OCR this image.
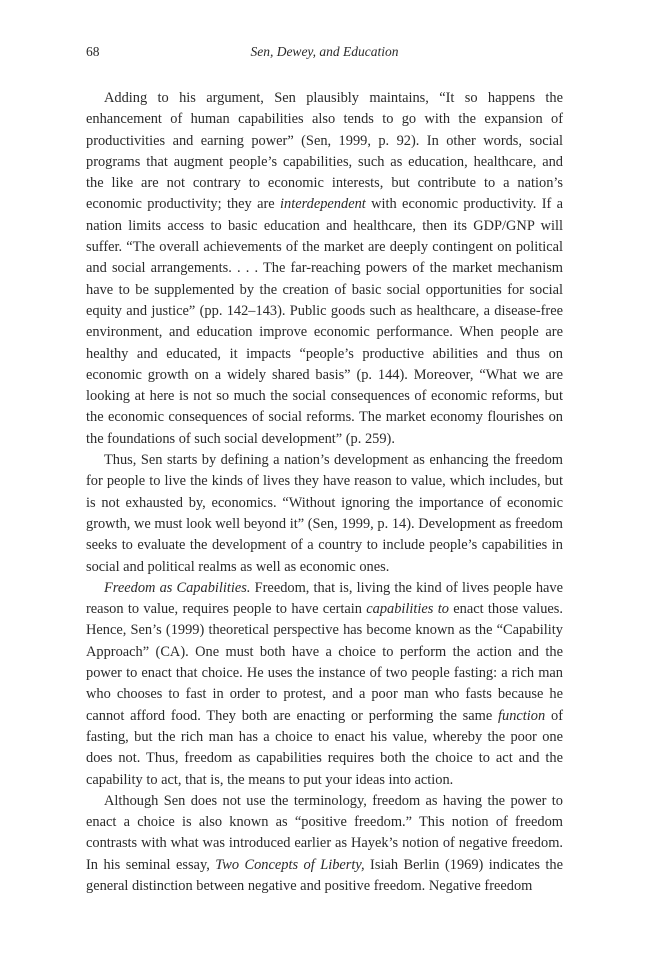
68	Sen, Dewey, and Education

Adding to his argument, Sen plausibly maintains, “It so happens the enhancement of human capabilities also tends to go with the expansion of productivities and earning power” (Sen, 1999, p. 92). In other words, social programs that augment people’s capabilities, such as education, healthcare, and the like are not contrary to economic interests, but contribute to a nation’s economic productivity; they are interdependent with economic productivity. If a nation limits access to basic education and healthcare, then its GDP/GNP will suffer. “The overall achievements of the market are deeply contingent on political and social arrangements. . . . The far-reaching powers of the market mechanism have to be supplemented by the creation of basic social opportunities for social equity and justice” (pp. 142–143). Public goods such as healthcare, a disease-free environment, and education improve economic performance. When people are healthy and educated, it impacts “people’s productive abilities and thus on economic growth on a widely shared basis” (p. 144). Moreover, “What we are looking at here is not so much the social consequences of economic reforms, but the economic consequences of social reforms. The market economy flourishes on the foundations of such social development” (p. 259).

Thus, Sen starts by defining a nation’s development as enhancing the freedom for people to live the kinds of lives they have reason to value, which includes, but is not exhausted by, economics. “Without ignoring the importance of economic growth, we must look well beyond it” (Sen, 1999, p. 14). Development as freedom seeks to evaluate the development of a country to include people’s capabilities in social and political realms as well as economic ones.

Freedom as Capabilities. Freedom, that is, living the kind of lives people have reason to value, requires people to have certain capabilities to enact those values. Hence, Sen’s (1999) theoretical perspective has become known as the “Capability Approach” (CA). One must both have a choice to perform the action and the power to enact that choice. He uses the instance of two people fasting: a rich man who chooses to fast in order to protest, and a poor man who fasts because he cannot afford food. They both are enacting or performing the same function of fasting, but the rich man has a choice to enact his value, whereby the poor one does not. Thus, freedom as capabilities requires both the choice to act and the capability to act, that is, the means to put your ideas into action.

Although Sen does not use the terminology, freedom as having the power to enact a choice is also known as “positive freedom.” This notion of freedom contrasts with what was introduced earlier as Hayek’s notion of negative freedom. In his seminal essay, Two Concepts of Liberty, Isiah Berlin (1969) indicates the general distinction between negative and positive freedom. Negative freedom
